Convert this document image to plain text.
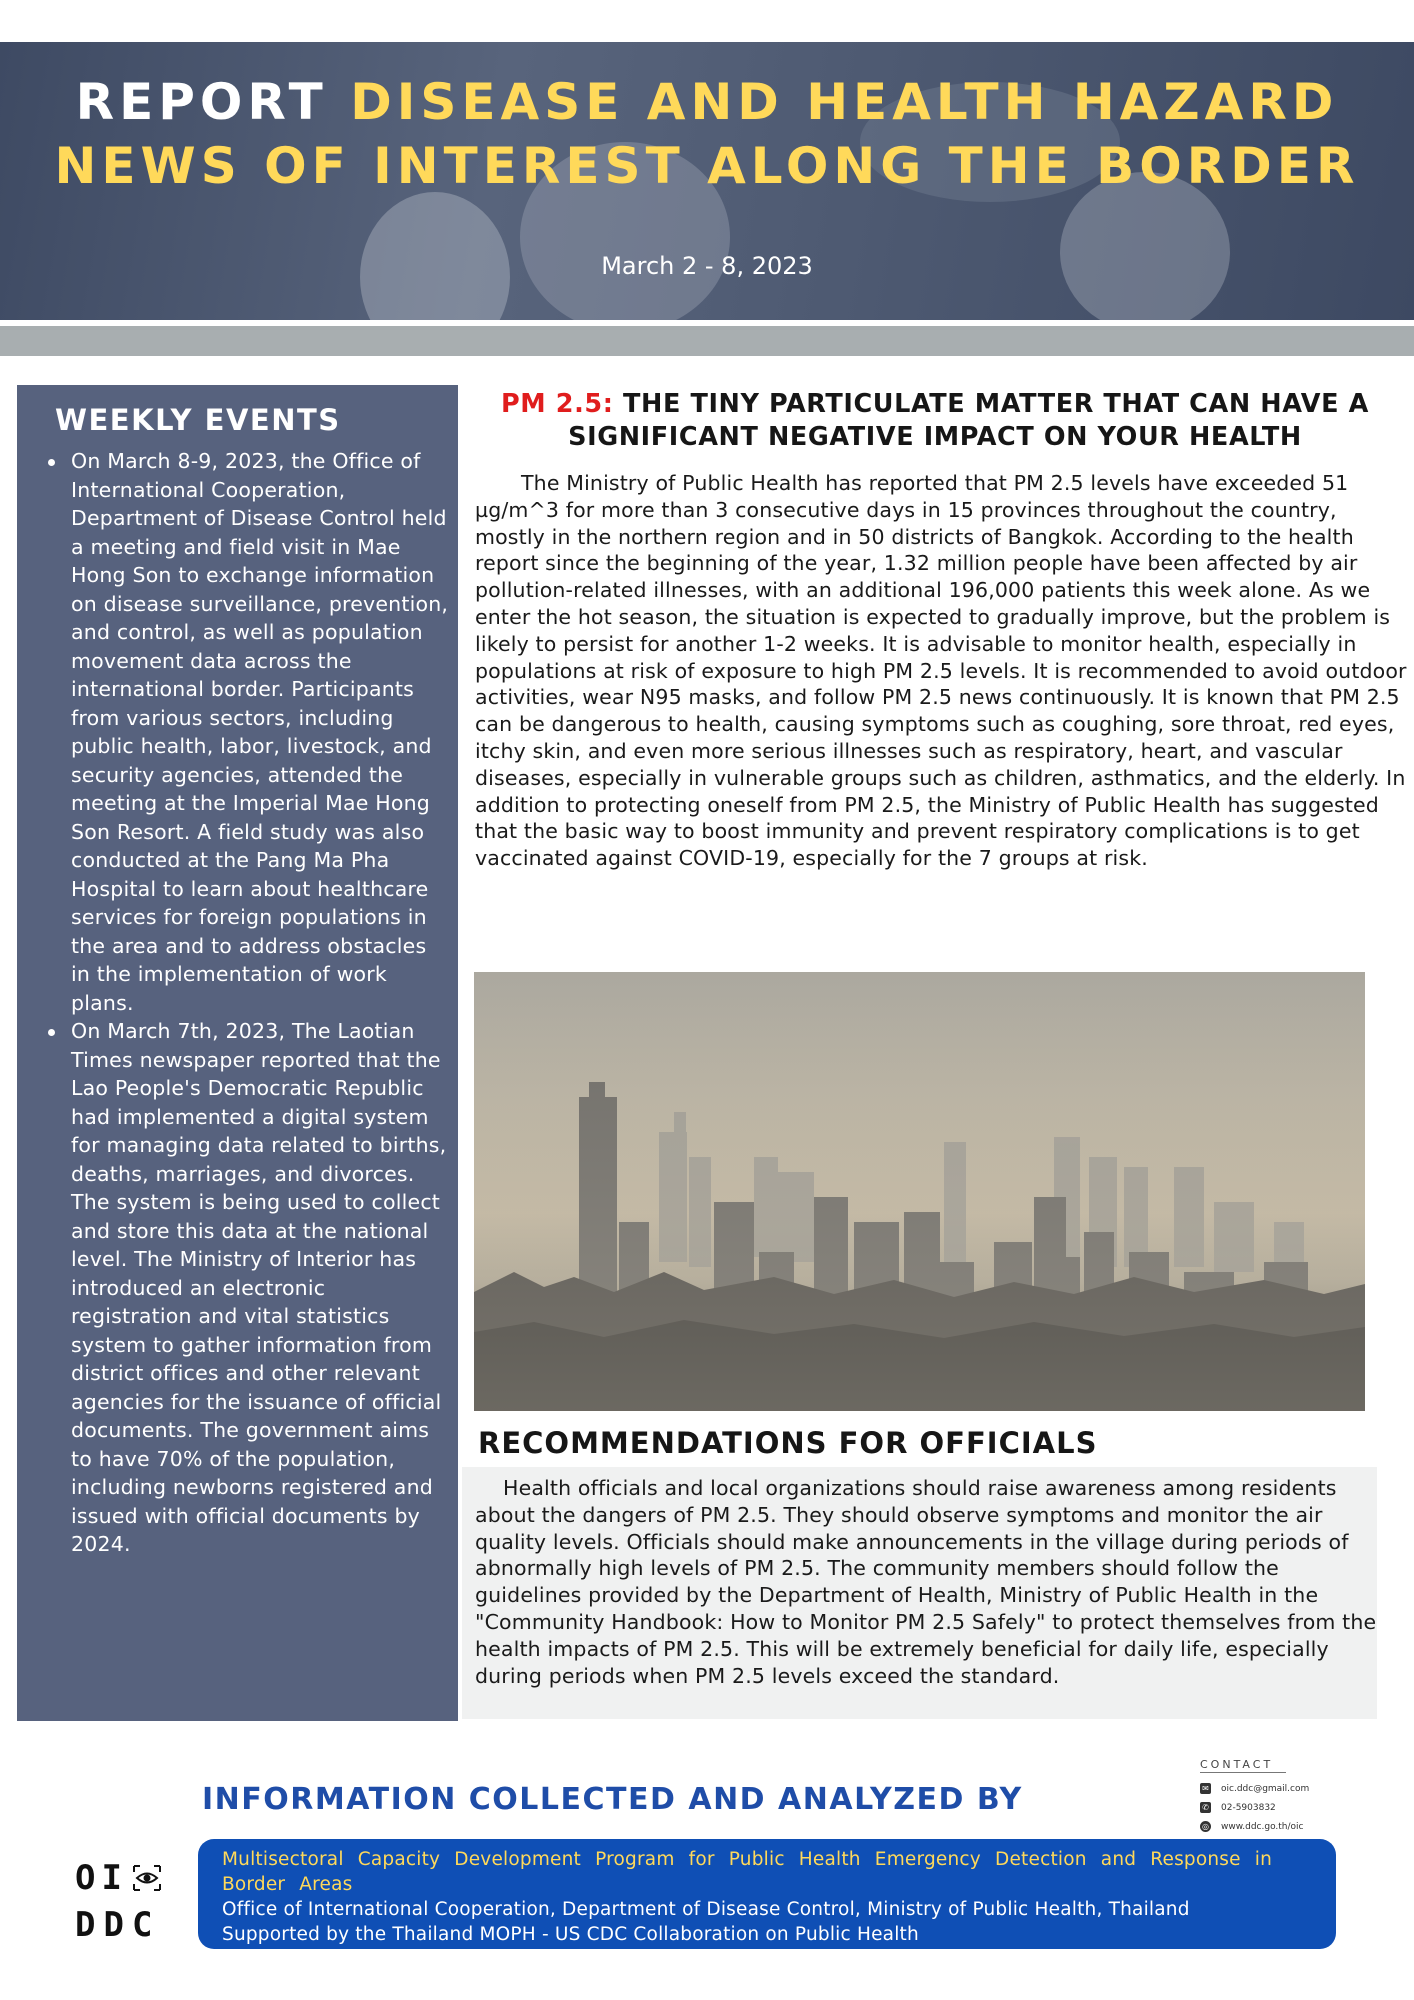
REPORT DISEASE AND HEALTH HAZARD
NEWS OF INTEREST ALONG THE BORDER
March 2 - 8, 2023
WEEKLY EVENTS
On March 8-9, 2023, the Office of International Cooperation, Department of Disease Control held a meeting and field visit in Mae Hong Son to exchange information on disease surveillance, prevention, and control, as well as population movement data across the international border. Participants from various sectors, including public health, labor, livestock, and security agencies, attended the meeting at the Imperial Mae Hong Son Resort. A field study was also conducted at the Pang Ma Pha Hospital to learn about healthcare services for foreign populations in the area and to address obstacles in the implementation of work plans.
On March 7th, 2023, The Laotian Times newspaper reported that the Lao People's Democratic Republic had implemented a digital system for managing data related to births, deaths, marriages, and divorces. The system is being used to collect and store this data at the national level. The Ministry of Interior has introduced an electronic registration and vital statistics system to gather information from district offices and other relevant agencies for the issuance of official documents. The government aims to have 70% of the population, including newborns registered and issued with official documents by 2024.
PM 2.5: THE TINY PARTICULATE MATTER THAT CAN HAVE A SIGNIFICANT NEGATIVE IMPACT ON YOUR HEALTH
The Ministry of Public Health has reported that PM 2.5 levels have exceeded 51 µg/m^3 for more than 3 consecutive days in 15 provinces throughout the country, mostly in the northern region and in 50 districts of Bangkok. According to the health report since the beginning of the year, 1.32 million people have been affected by air pollution-related illnesses, with an additional 196,000 patients this week alone. As we enter the hot season, the situation is expected to gradually improve, but the problem is likely to persist for another 1-2 weeks. It is advisable to monitor health, especially in populations at risk of exposure to high PM 2.5 levels. It is recommended to avoid outdoor activities, wear N95 masks, and follow PM 2.5 news continuously. It is known that PM 2.5 can be dangerous to health, causing symptoms such as coughing, sore throat, red eyes, itchy skin, and even more serious illnesses such as respiratory, heart, and vascular diseases, especially in vulnerable groups such as children, asthmatics, and the elderly. In addition to protecting oneself from PM 2.5, the Ministry of Public Health has suggested that the basic way to boost immunity and prevent respiratory complications is to get vaccinated against COVID-19, especially for the 7 groups at risk.
RECOMMENDATIONS FOR OFFICIALS
Health officials and local organizations should raise awareness among residents about the dangers of PM 2.5. They should observe symptoms and monitor the air quality levels. Officials should make announcements in the village during periods of abnormally high levels of PM 2.5. The community members should follow the guidelines provided by the Department of Health, Ministry of Public Health in the "Community Handbook: How to Monitor PM 2.5 Safely" to protect themselves from the health impacts of PM 2.5. This will be extremely beneficial for daily life, especially during periods when PM 2.5 levels exceed the standard.
CONTACT
✉ oic.ddc@gmail.com
✆ 02-5903832
◎ www.ddc.go.th/oic
INFORMATION COLLECTED AND ANALYZED BY
OI
DDC
Multisectoral Capacity Development Program for Public Health Emergency Detection and Response in Border Areas
Office of International Cooperation, Department of Disease Control, Ministry of Public Health, Thailand
Supported by the Thailand MOPH - US CDC Collaboration on Public Health
